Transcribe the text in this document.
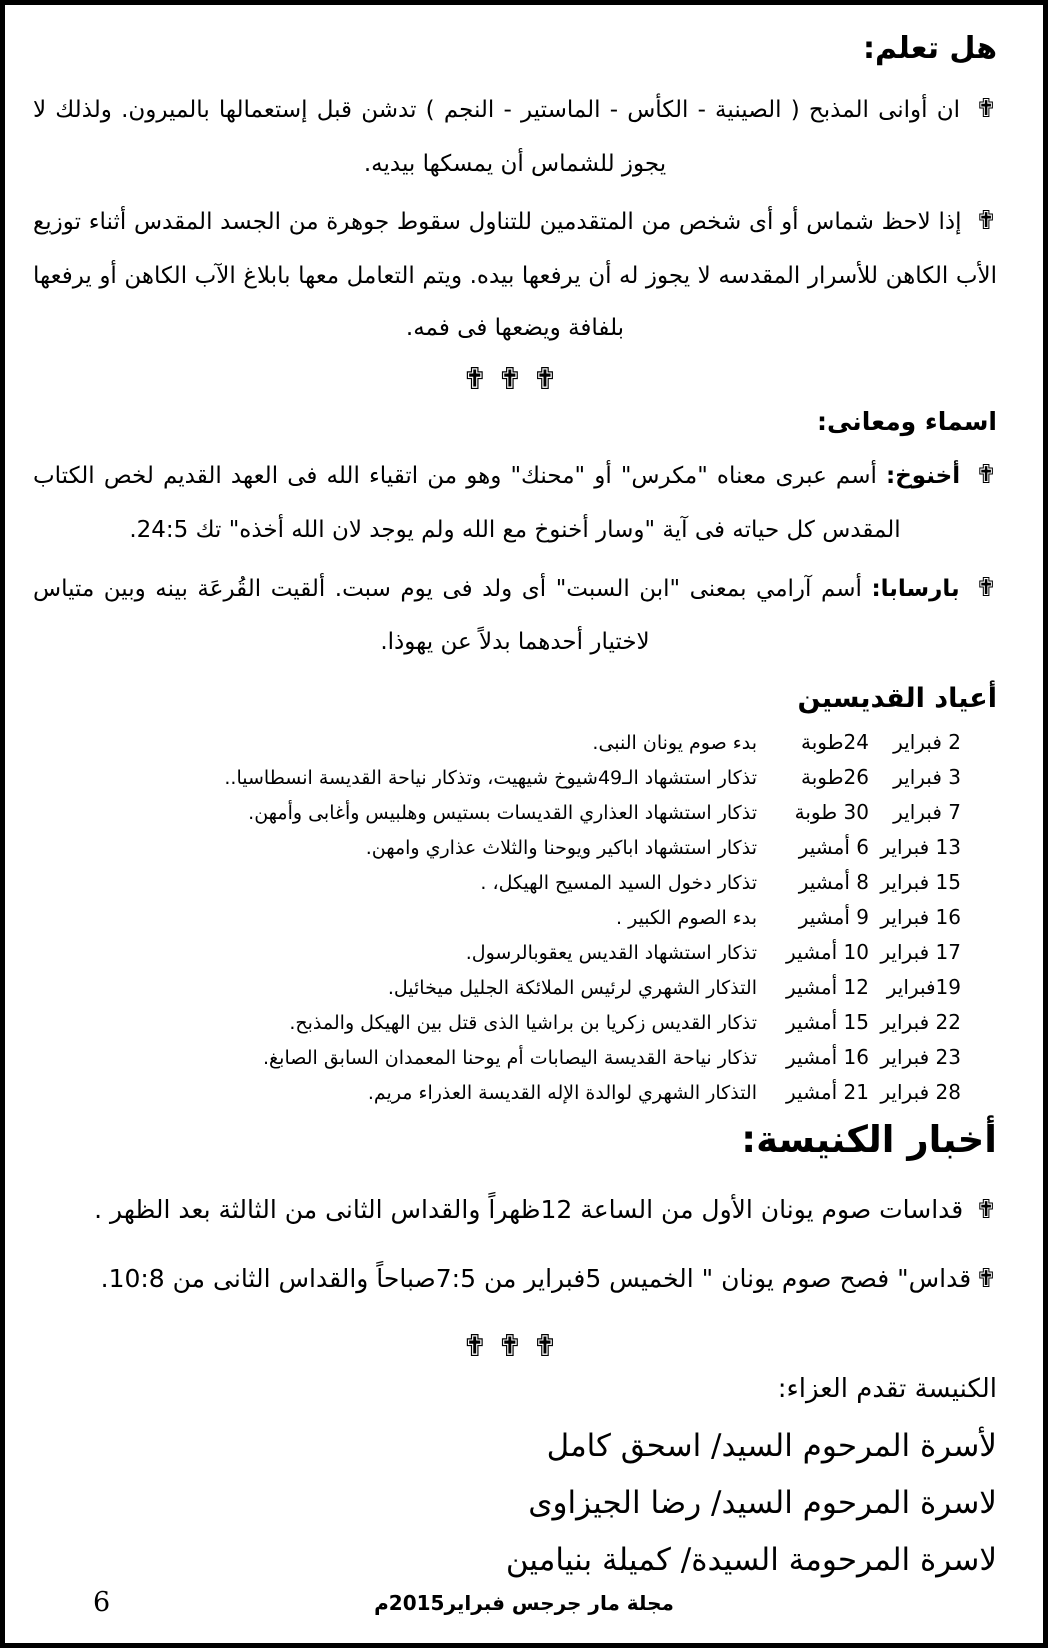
هل تعلم:

✟ ان أوانى المذبح ( الصينية - الكأس - الماستير - النجم ) تدشن قبل إستعمالها بالميرون. ولذلك لا يجوز للشماس أن يمسكها بيديه.

✟ إذا لاحظ شماس أو أى شخص من المتقدمين للتناول سقوط جوهرة من الجسد المقدس أثناء توزيع الأب الكاهن للأسرار المقدسه لا يجوز له أن يرفعها بيده. ويتم التعامل معها بابلاغ الآب الكاهن أو يرفعها بلفافة ويضعها فى فمه.

✟✟✟
اسماء ومعانى:

✟ أخنوخ: أسم عبرى معناه "مكرس" أو "محنك" وهو من اتقياء الله فى العهد القديم لخص الكتاب المقدس كل حياته فى آية "وسار أخنوخ مع الله ولم يوجد لان الله أخذه" تك 24:5.

✟ بارسابا: أسم آرامي بمعنى "ابن السبت" أى ولد فى يوم سبت. ألقيت القُرعَة بينه وبين متياس لاختيار أحدهما بدلاً عن يهوذا.

أعياد القديسين
2 فبراير
24طوبة
بدء صوم يونان النبى.
3 فبراير
26طوبة
تذكار استشهاد الـ49شيوخ شيهيت، وتذكار نياحة القديسة انسطاسيا..
7 فبراير
30 طوبة
تذكار استشهاد العذاري القديسات بستيس وهلبيس وأغابى وأمهن.
13 فبراير
6 أمشير
تذكار استشهاد اباكير ويوحنا والثلاث عذاري وامهن.
15 فبراير
8 أمشير
تذكار دخول السيد المسيح الهيكل، .
16 فبراير
9 أمشير
بدء الصوم الكبير .
17 فبراير
10 أمشير
تذكار استشهاد القديس يعقوبالرسول.
19فبراير
12 أمشير
التذكار الشهري لرئيس الملائكة الجليل ميخائيل.
22 فبراير
15 أمشير
تذكار القديس زكريا بن براشيا الذى قتل بين الهيكل والمذبح.
23 فبراير
16 أمشير
تذكار نياحة القديسة اليصابات أم يوحنا المعمدان السابق الصابغ.
28 فبراير
21 أمشير
التذكار الشهري لوالدة الإله القديسة العذراء مريم.
أخبار الكنيسة:
✟ قداسات صوم يونان الأول من الساعة 12ظهراً والقداس الثانى من الثالثة بعد الظهر .
✟قداس" فصح صوم يونان " الخميس 5فبراير من 7:5صباحاً والقداس الثانى من 10:8.
✟✟✟
الكنيسة تقدم العزاء:
لأسرة المرحوم السيد/ اسحق كامل
لاسرة المرحوم السيد/ رضا الجيزاوى
لاسرة المرحومة السيدة/ كميلة بنيامين
مجلة مار جرجس فبراير2015م
6
